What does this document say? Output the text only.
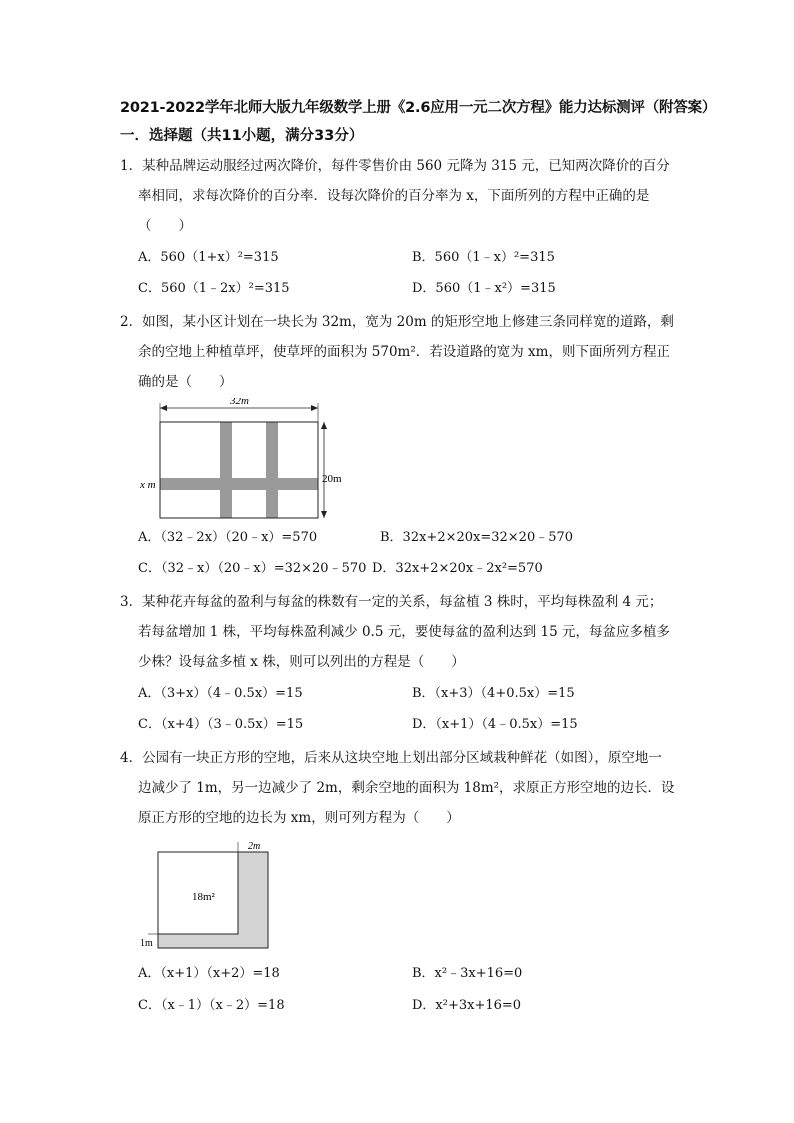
2021-2022学年北师大版九年级数学上册《2.6应用一元二次方程》能力达标测评（附答案）
一．选择题（共11小题，满分33分）
1．某种品牌运动服经过两次降价，每件零售价由 560 元降为 315 元，已知两次降价的百分
率相同，求每次降价的百分率．设每次降价的百分率为 x，下面所列的方程中正确的是
（　　）
A．560（1+x）²=315	B．560（1﹣x）²=315
C．560（1﹣2x）²=315	D．560（1﹣x²）=315
2．如图，某小区计划在一块长为 32m，宽为 20m 的矩形空地上修建三条同样宽的道路，剩
余的空地上种植草坪，使草坪的面积为 570m²．若设道路的宽为 xm，则下面所列方程正
确的是（　　）
32m
20m
x m
A．（32﹣2x）（20﹣x）=570	B．32x+2×20x=32×20﹣570
C．（32﹣x）（20﹣x）=32×20﹣570 D．32x+2×20x﹣2x²=570
3．某种花卉每盆的盈利与每盆的株数有一定的关系，每盆植 3 株时，平均每株盈利 4 元；
若每盆增加 1 株，平均每株盈利减少 0.5 元，要使每盆的盈利达到 15 元，每盆应多植多
少株？设每盆多植 x 株，则可以列出的方程是（　　）
A．（3+x）（4﹣0.5x）=15	B．（x+3）（4+0.5x）=15
C．（x+4）（3﹣0.5x）=15	D．（x+1）（4﹣0.5x）=15
4．公园有一块正方形的空地，后来从这块空地上划出部分区域栽种鲜花（如图），原空地一
边减少了 1m，另一边减少了 2m，剩余空地的面积为 18m²，求原正方形空地的边长．设
原正方形的空地的边长为 xm，则可列方程为（　　）
18m²
2m
1m
A．（x+1）（x+2）=18	B．x²﹣3x+16=0
C．（x﹣1）（x﹣2）=18	D．x²+3x+16=0
